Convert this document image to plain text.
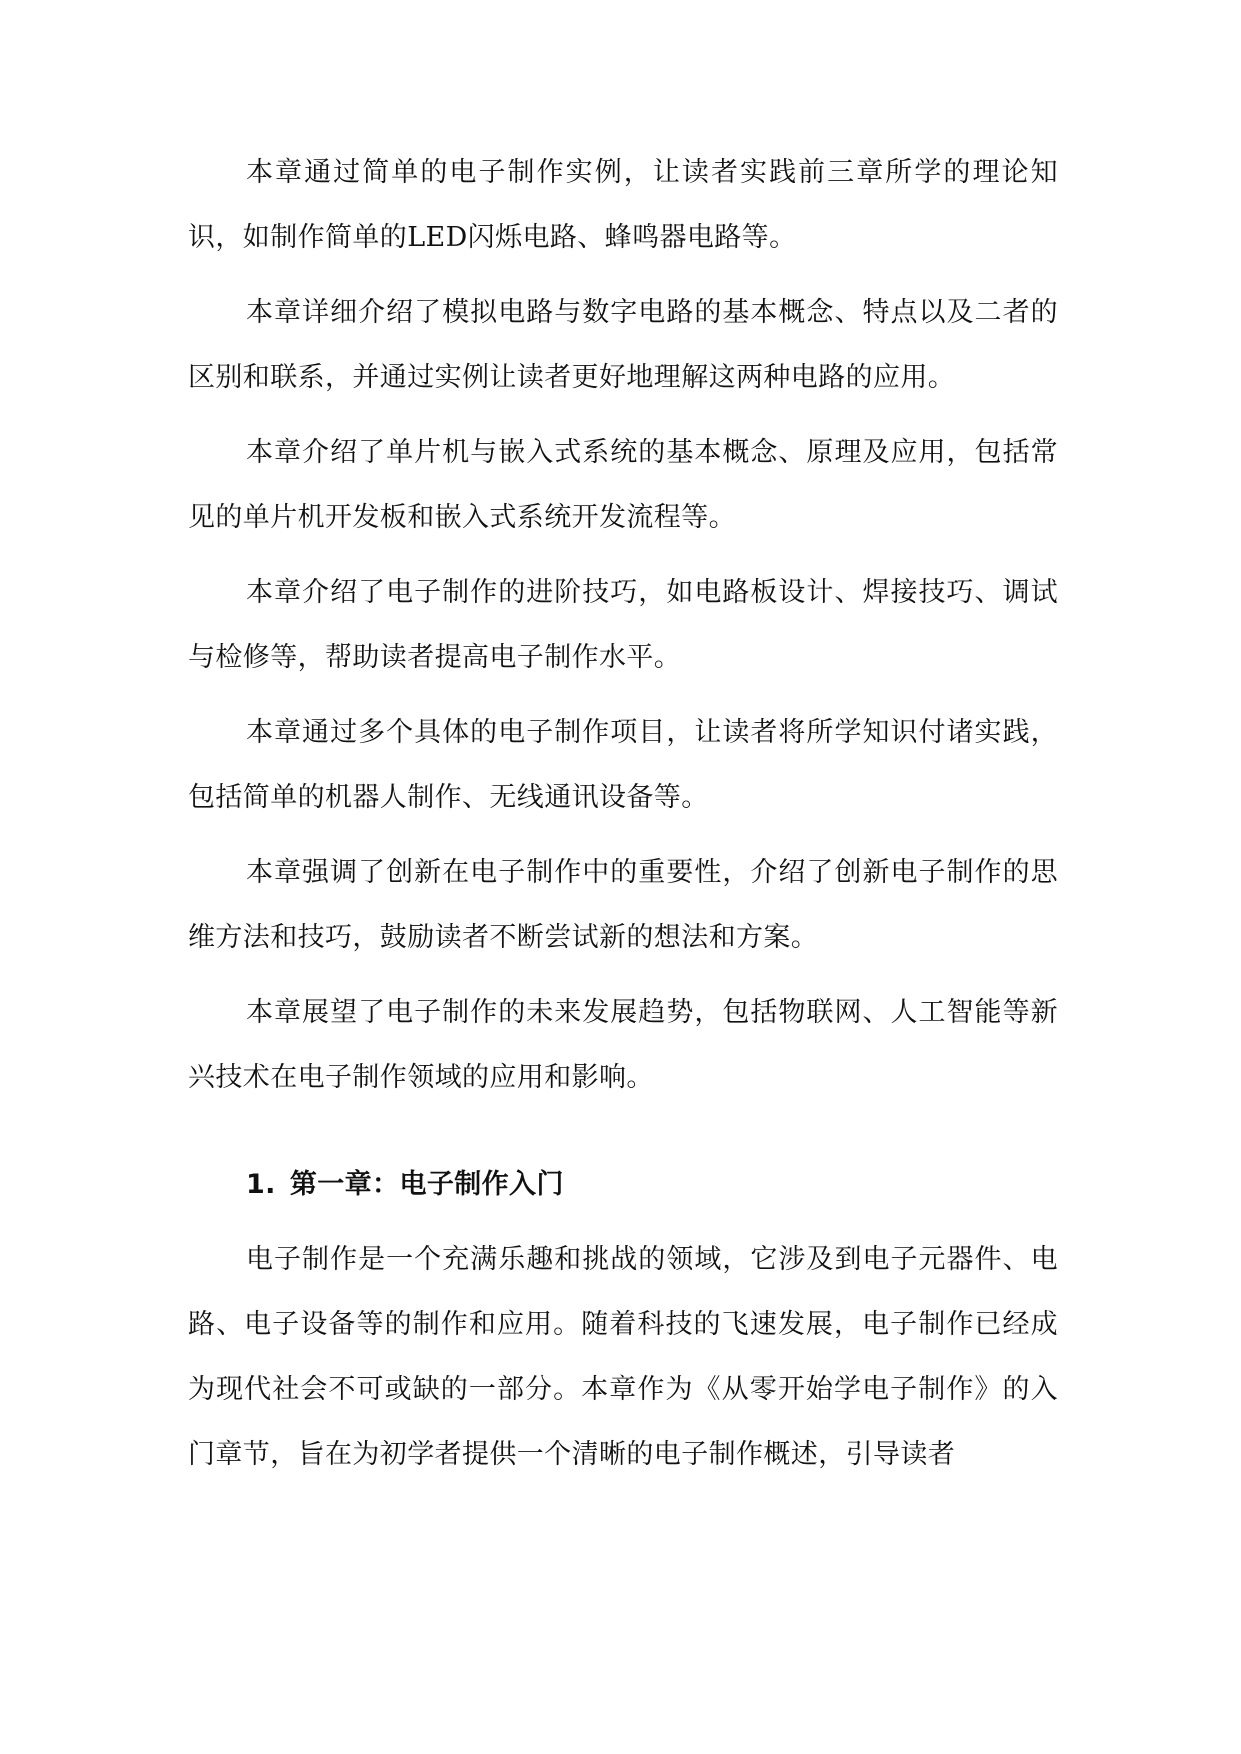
本章通过简单的电子制作实例，让读者实践前三章所学的理论知识，如制作简单的LED闪烁电路、蜂鸣器电路等。

本章详细介绍了模拟电路与数字电路的基本概念、特点以及二者的区别和联系，并通过实例让读者更好地理解这两种电路的应用。

本章介绍了单片机与嵌入式系统的基本概念、原理及应用，包括常见的单片机开发板和嵌入式系统开发流程等。

本章介绍了电子制作的进阶技巧，如电路板设计、焊接技巧、调试与检修等，帮助读者提高电子制作水平。

本章通过多个具体的电子制作项目，让读者将所学知识付诸实践，包括简单的机器人制作、无线通讯设备等。

本章强调了创新在电子制作中的重要性，介绍了创新电子制作的思维方法和技巧，鼓励读者不断尝试新的想法和方案。

本章展望了电子制作的未来发展趋势，包括物联网、人工智能等新兴技术在电子制作领域的应用和影响。

1. 第一章：电子制作入门

电子制作是一个充满乐趣和挑战的领域，它涉及到电子元器件、电路、电子设备等的制作和应用。随着科技的飞速发展，电子制作已经成为现代社会不可或缺的一部分。本章作为《从零开始学电子制作》的入门章节，旨在为初学者提供一个清晰的电子制作概述，引导读者
